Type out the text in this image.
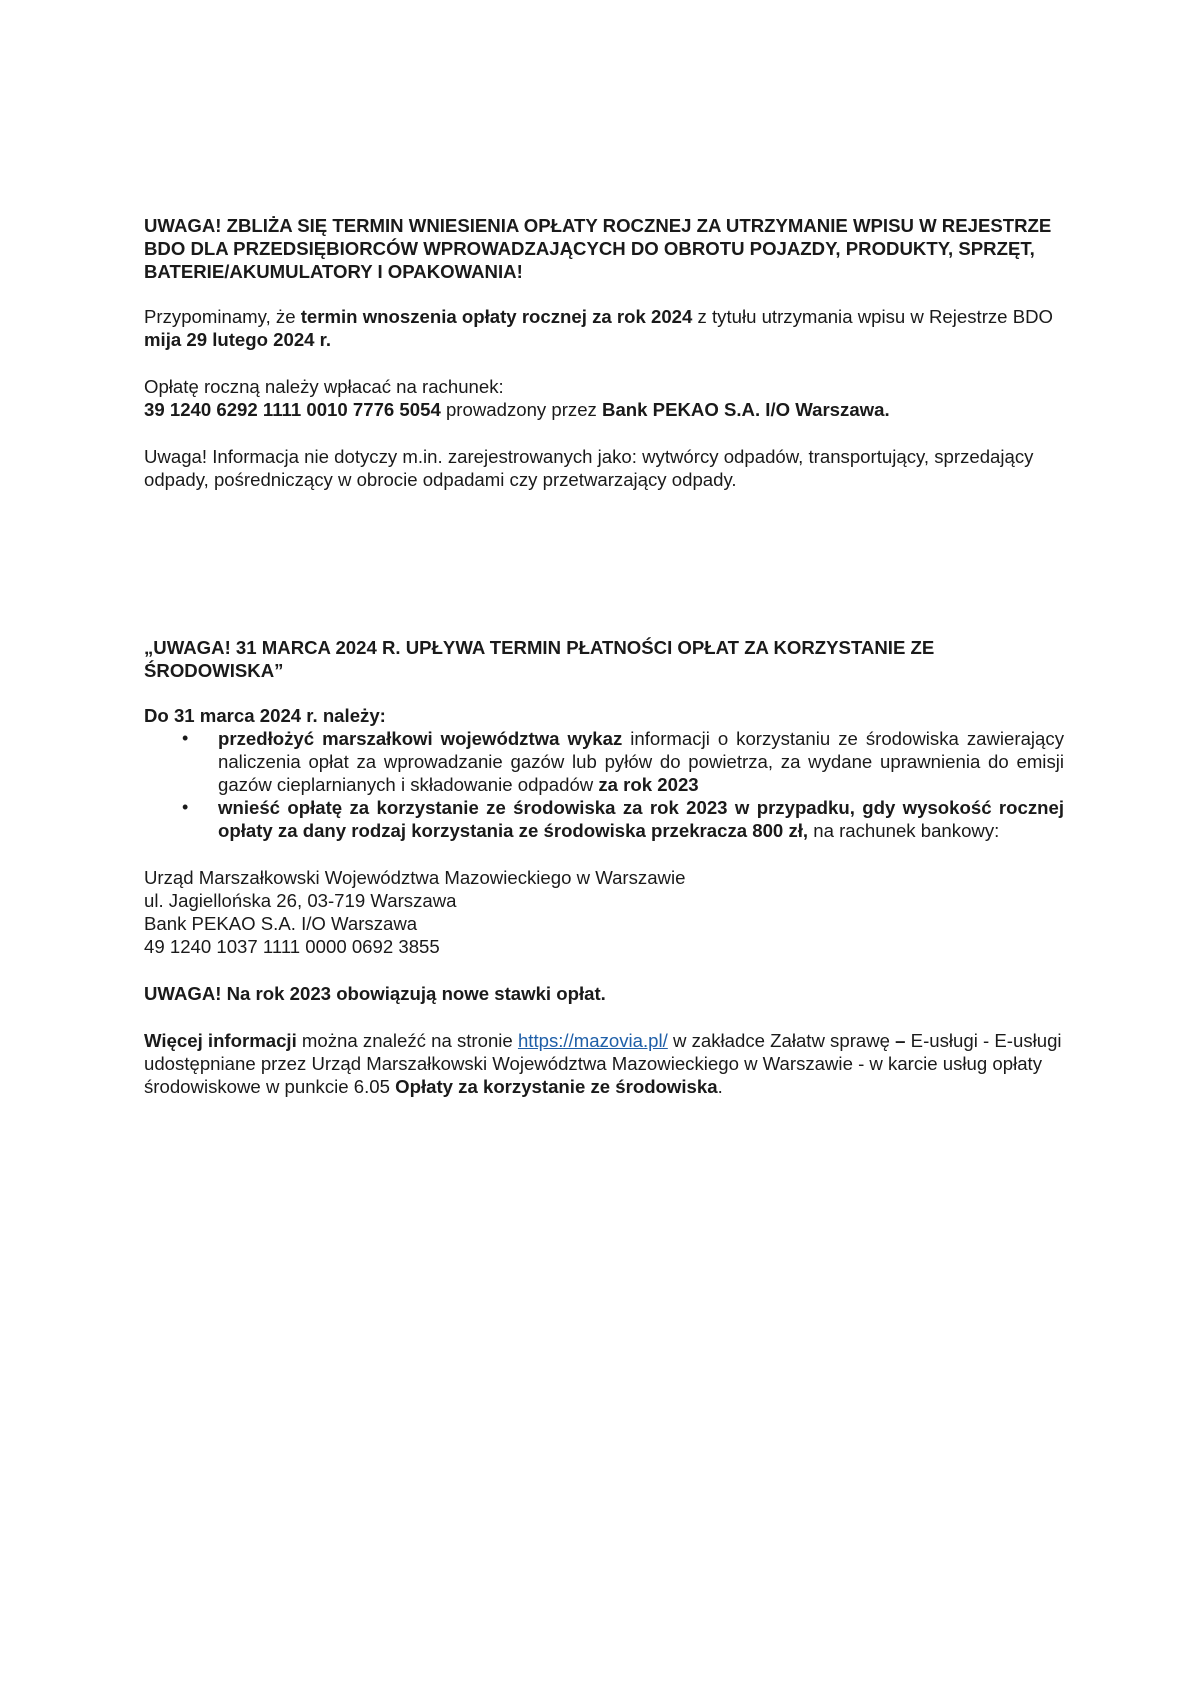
UWAGA! ZBLIŻA SIĘ TERMIN WNIESIENIA OPŁATY ROCZNEJ ZA UTRZYMANIE WPISU W REJESTRZE BDO DLA PRZEDSIĘBIORCÓW WPROWADZAJĄCYCH DO OBROTU POJAZDY, PRODUKTY, SPRZĘT, BATERIE/AKUMULATORY I OPAKOWANIA!

Przypominamy, że termin wnoszenia opłaty rocznej za rok 2024 z tytułu utrzymania wpisu w Rejestrze BDO mija 29 lutego 2024 r.

Opłatę roczną należy wpłacać na rachunek:

39 1240 6292 1111 0010 7776 5054 prowadzony przez Bank PEKAO S.A. I/O Warszawa.

Uwaga! Informacja nie dotyczy m.in. zarejestrowanych jako: wytwórcy odpadów, transportujący, sprzedający odpady, pośredniczący w obrocie odpadami czy przetwarzający odpady.

„UWAGA! 31 MARCA 2024 R. UPŁYWA TERMIN PŁATNOŚCI OPŁAT ZA KORZYSTANIE ZE ŚRODOWISKA”

Do 31 marca 2024 r. należy:

• przedłożyć marszałkowi województwa wykaz informacji o korzystaniu ze środowiska zawierający naliczenia opłat za wprowadzanie gazów lub pyłów do powietrza, za wydane uprawnienia do emisji gazów cieplarnianych i składowanie odpadów za rok 2023
• wnieść opłatę za korzystanie ze środowiska za rok 2023 w przypadku, gdy wysokość rocznej opłaty za dany rodzaj korzystania ze środowiska przekracza 800 zł, na rachunek bankowy:

Urząd Marszałkowski Województwa Mazowieckiego w Warszawie
ul. Jagiellońska 26, 03-719 Warszawa
Bank PEKAO S.A. I/O Warszawa
49 1240 1037 1111 0000 0692 3855

UWAGA! Na rok 2023 obowiązują nowe stawki opłat.

Więcej informacji można znaleźć na stronie https://mazovia.pl/ w zakładce Załatw sprawę – E-usługi - E-usługi udostępniane przez Urząd Marszałkowski Województwa Mazowieckiego w Warszawie - w karcie usług opłaty środowiskowe w punkcie 6.05 Opłaty za korzystanie ze środowiska.
